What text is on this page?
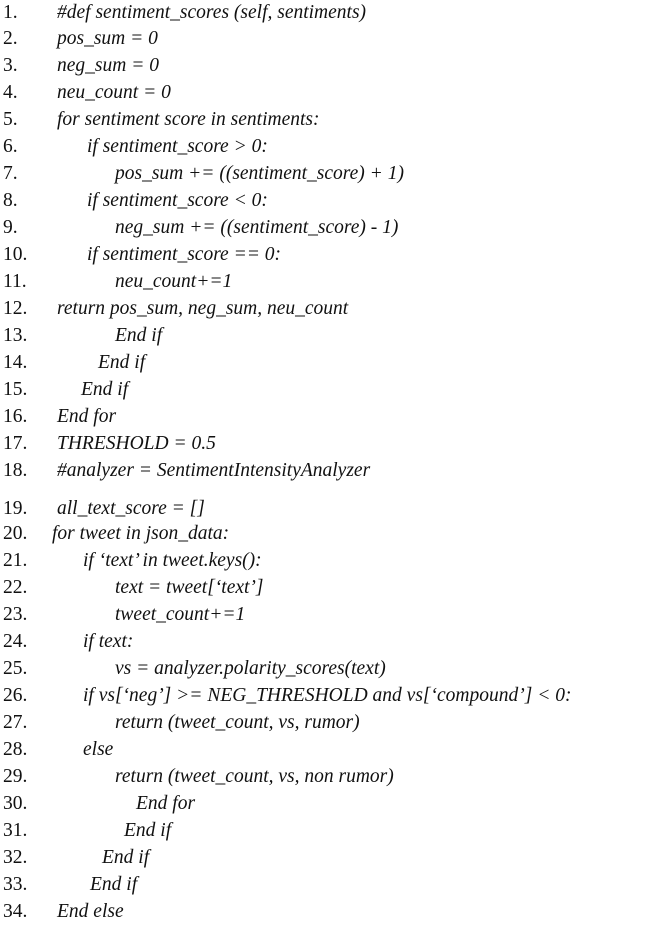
1. #def sentiment_scores (self, sentiments)
2. pos_sum = 0
3. neg_sum = 0
4. neu_count = 0
5. for sentiment score in sentiments:
6.	if sentiment_score > 0:
7.	pos_sum += ((sentiment_score) + 1)
8.	if sentiment_score < 0:
9.	neg_sum += ((sentiment_score) - 1)
10.	if sentiment_score == 0:
11.	neu_count+=1
12. return pos_sum, neg_sum, neu_count
13.	End if
14.	End if
15.	End if
16. End for
17. THRESHOLD = 0.5
18. #analyzer = SentimentIntensityAnalyzer
19. all_text_score = []
20. for tweet in json_data:
21.	if ‘text’ in tweet.keys():
22.	text = tweet[‘text’]
23.	tweet_count+=1
24.	if text:
25.	vs = analyzer.polarity_scores(text)
26.	if vs[‘neg’] >= NEG_THRESHOLD and vs[‘compound’] < 0:
27.	return (tweet_count, vs, rumor)
28.	else
29.	return (tweet_count, vs, non rumor)
30.	End for
31.	End if
32.	End if
33.	End if
34. End else
